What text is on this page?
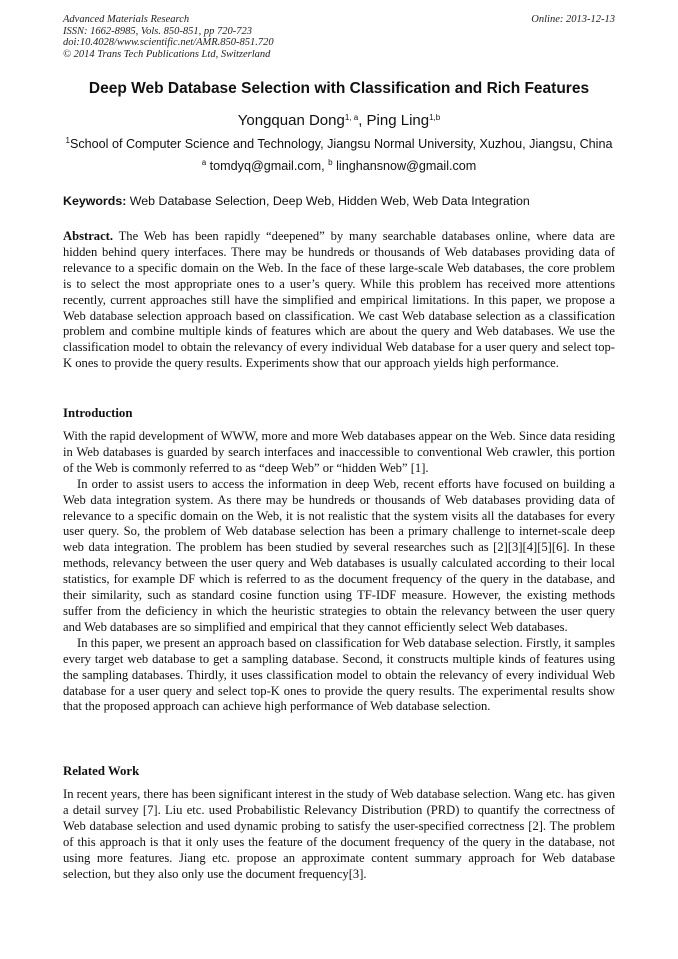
Advanced Materials Research
ISSN: 1662-8985, Vols. 850-851, pp 720-723
doi:10.4028/www.scientific.net/AMR.850-851.720
© 2014 Trans Tech Publications Ltd, Switzerland
Online: 2013-12-13
Deep Web Database Selection with Classification and Rich Features
Yongquan Dong$^{1, a}$, Ping Ling$^{1,b}$
$^1$School of Computer Science and Technology, Jiangsu Normal University, Xuzhou, Jiangsu, China
$^a$ tomdyq@gmail.com, $^b$ linghansnow@gmail.com
Keywords: Web Database Selection, Deep Web, Hidden Web, Web Data Integration

Abstract. The Web has been rapidly “deepened” by many searchable databases online, where data are hidden behind query interfaces. There may be hundreds or thousands of Web databases providing data of relevance to a specific domain on the Web. In the face of these large-scale Web databases, the core problem is to select the most appropriate ones to a user’s query. While this problem has received more attentions recently, current approaches still have the simplified and empirical limitations. In this paper, we propose a Web database selection approach based on classification. We cast Web database selection as a classification problem and combine multiple kinds of features which are about the query and Web databases. We use the classification model to obtain the relevancy of every individual Web database for a user query and select top-K ones to provide the query results. Experiments show that our approach yields high performance.

Introduction

With the rapid development of WWW, more and more Web databases appear on the Web. Since data residing in Web databases is guarded by search interfaces and inaccessible to conventional Web crawler, this portion of the Web is commonly referred to as “deep Web” or “hidden Web” [1].

In order to assist users to access the information in deep Web, recent efforts have focused on building a Web data integration system. As there may be hundreds or thousands of Web databases providing data of relevance to a specific domain on the Web, it is not realistic that the system visits all the databases for every user query. So, the problem of Web database selection has been a primary challenge to internet-scale deep web data integration. The problem has been studied by several researches such as [2][3][4][5][6]. In these methods, relevancy between the user query and Web databases is usually calculated according to their local statistics, for example DF which is referred to as the document frequency of the query in the database, and their similarity, such as standard cosine function using TF-IDF measure. However, the existing methods suffer from the deficiency in which the heuristic strategies to obtain the relevancy between the user query and Web databases are so simplified and empirical that they cannot efficiently select Web databases.

In this paper, we present an approach based on classification for Web database selection. Firstly, it samples every target web database to get a sampling database. Second, it constructs multiple kinds of features using the sampling databases. Thirdly, it uses classification model to obtain the relevancy of every individual Web database for a user query and select top-K ones to provide the query results. The experimental results show that the proposed approach can achieve high performance of Web database selection.

Related Work

In recent years, there has been significant interest in the study of Web database selection. Wang etc. has given a detail survey [7]. Liu etc. used Probabilistic Relevancy Distribution (PRD) to quantify the correctness of Web database selection and used dynamic probing to satisfy the user-specified correctness [2]. The problem of this approach is that it only uses the feature of the document frequency of the query in the database, not using more features. Jiang etc. propose an approximate content summary approach for Web database selection, but they also only use the document frequency[3].
